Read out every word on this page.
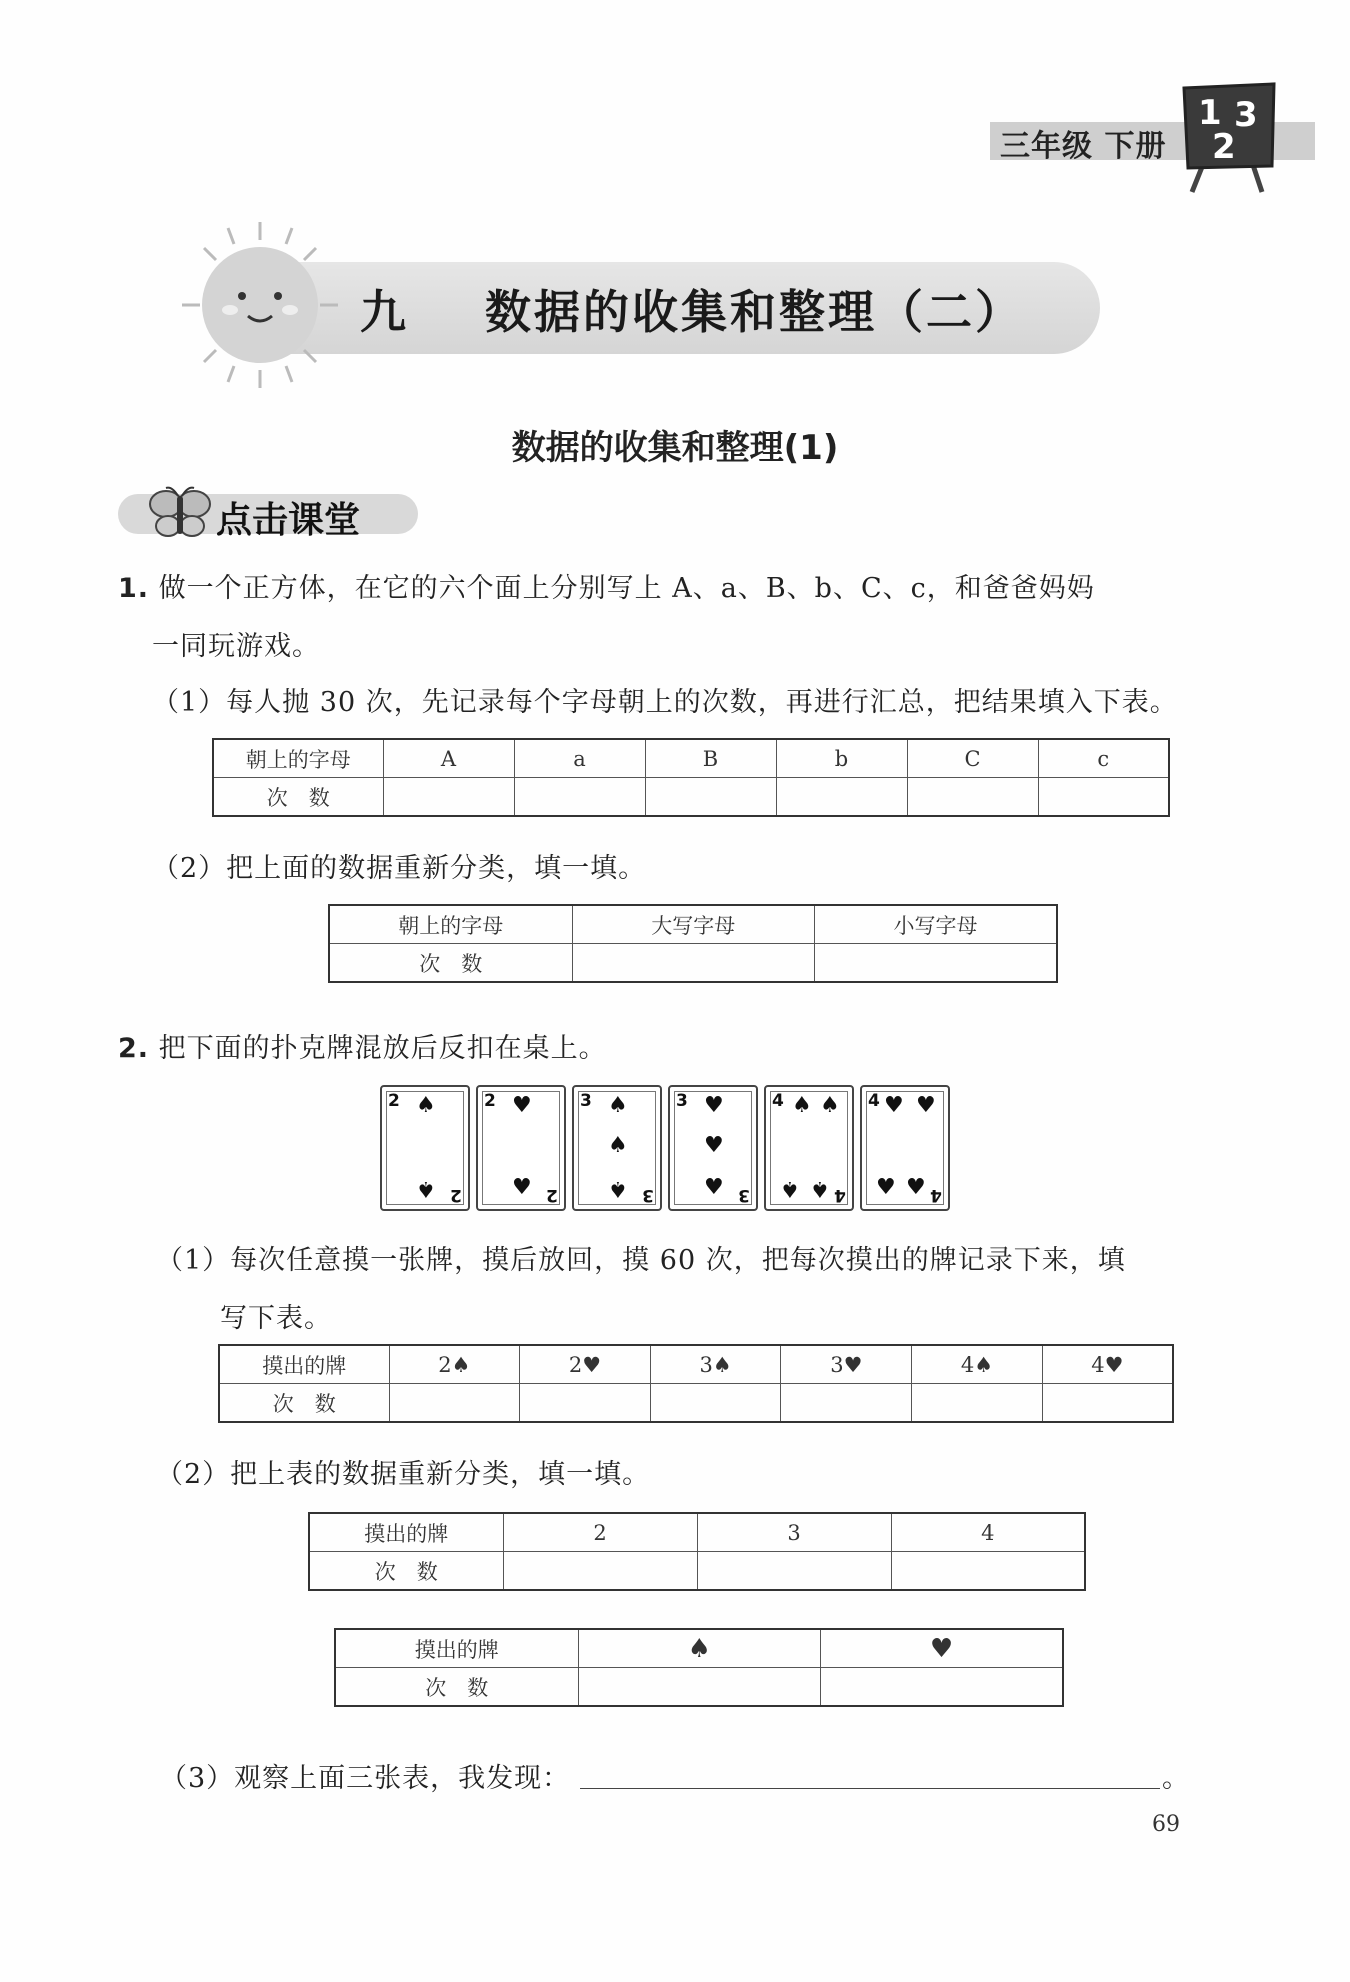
三年级 下册
1 3
2
九    数据的收集和整理（二）
数据的收集和整理(1)
点击课堂
1. 做一个正方体，在它的六个面上分别写上 A、a、B、b、C、c，和爸爸妈妈
一同玩游戏。
（1）每人抛 30 次，先记录每个字母朝上的次数，再进行汇总，把结果填入下表。
朝上的字母	A	a	B	b	C	c
次　数						
（2）把上面的数据重新分类，填一填。
朝上的字母	大写字母	小写字母
次　数		
2. 把下面的扑克牌混放后反扣在桌上。
2 ♠
♠ 2
2 ♥
♥ 2
3 ♠
♠
♠ 3
3 ♥
♥
♥ 3
4 ♠ ♠
♠ ♠ 4
4 ♥ ♥
♥ ♥ 4
（1）每次任意摸一张牌，摸后放回，摸 60 次，把每次摸出的牌记录下来，填
写下表。
摸出的牌	2♠	2♥	3♠	3♥	4♠	4♥
次　数						
（2）把上表的数据重新分类，填一填。
摸出的牌	2	3	4
次　数			
摸出的牌	♠	♥
次　数		
（3）观察上面三张表，我发现：	。
69
